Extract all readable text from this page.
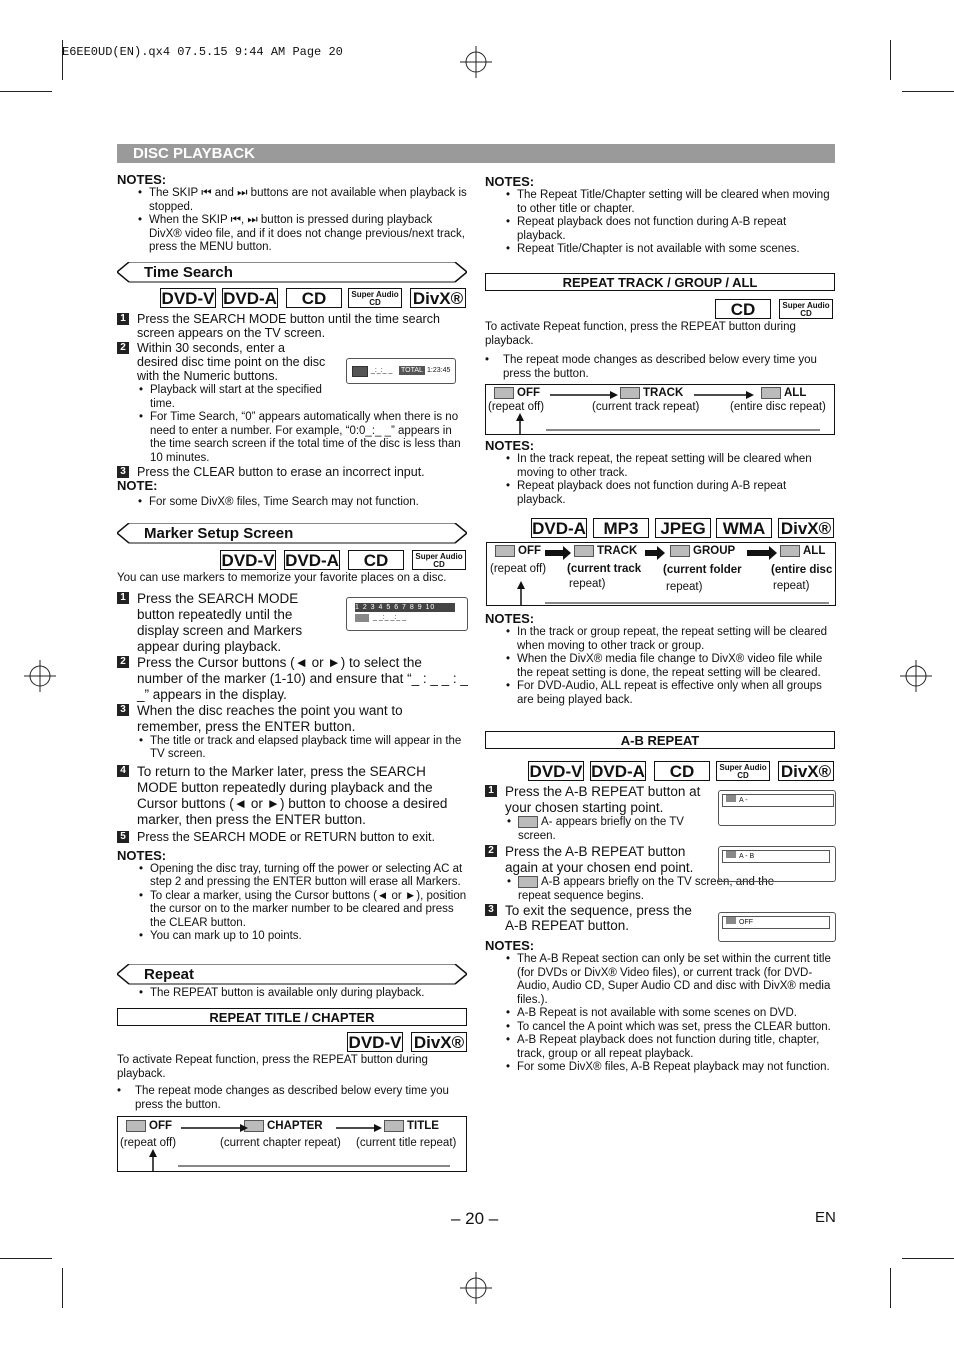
E6EE0UD(EN).qx4 07.5.15 9:44 AM Page 20
DISC PLAYBACK

NOTES:

• The SKIP ⏮ and ⏭ buttons are not available when playback is stopped.

• When the SKIP ⏮, ⏭ button is pressed during playback DivX® video file, and if it does not change previous/next track, press the MENU button.

Time Search
DVD-V DVD-A	CD	Super Audio CD	DivX®

1 Press the SEARCH MODE button until the time search screen appears on the TV screen.

2 Within 30 seconds, enter a desired disc time point on the disc with the Numeric buttons.

• Playback will start at the specified time.

• For Time Search, “0” appears automatically when there is no need to enter a number. For example, “0:0_:_ _” appears in the time search screen if the total time of the disc is less than 10 minutes.

3 Press the CLEAR button to erase an incorrect input.

NOTE:

• For some DivX® files, Time Search may not function.

_:_:_ _ TOTAL 1:23:45
Marker Setup Screen
DVD-V DVD-A	CD	Super Audio CD

You can use markers to memorize your favorite places on a disc.

1 Press the SEARCH MODE button repeatedly until the display screen and Markers appear during playback.

2 Press the Cursor buttons (◄ or ►) to select the number of the marker (1-10) and ensure that “_ : _ _ : _ _” appears in the display.

3 When the disc reaches the point you want to remember, press the ENTER button.

• The title or track and elapsed playback time will appear in the TV screen.

4 To return to the Marker later, press the SEARCH MODE button repeatedly during playback and the Cursor buttons (◄ or ►) button to choose a desired marker, then press the ENTER button.

5 Press the SEARCH MODE or RETURN button to exit.

NOTES:

• Opening the disc tray, turning off the power or selecting AC at step 2 and pressing the ENTER button will erase all Markers.

• To clear a marker, using the Cursor buttons (◄ or ►), position the cursor on to the marker number to be cleared and press the CLEAR button.

• You can mark up to 10 points.

1 2 3 4 5 6 7 8 9 10
_ _:_ _:_ _
Repeat

• The REPEAT button is available only during playback.

REPEAT TITLE / CHAPTER
DVD-V DivX®

To activate Repeat function, press the REPEAT button during playback.

• The repeat mode changes as described below every time you press the button.

OFF	CHAPTER	TITLE
(repeat off)	(current chapter repeat) (current title repeat)

NOTES:

• The Repeat Title/Chapter setting will be cleared when moving to other title or chapter.

• Repeat playback does not function during A-B repeat playback.

• Repeat Title/Chapter is not available with some scenes.

REPEAT TRACK / GROUP / ALL
CD	Super Audio CD

To activate Repeat function, press the REPEAT button during playback.

• The repeat mode changes as described below every time you press the button.

OFF	TRACK	ALL
(repeat off)	(current track repeat)	(entire disc repeat)

NOTES:

• In the track repeat, the repeat setting will be cleared when moving to other track.

• Repeat playback does not function during A-B repeat playback.

DVD-A	MP3	JPEG	WMA DivX®
OFF	TRACK	GROUP	ALL
(repeat off) (current track
repeat)
(current folder
repeat)
(entire disc
repeat)

NOTES:

• In the track or group repeat, the repeat setting will be cleared when moving to other track or group.

• When the DivX® media file change to DivX® video file while the repeat setting is done, the repeat setting will be cleared.

• For DVD-Audio, ALL repeat is effective only when all groups are being played back.

A-B REPEAT
DVD-V DVD-A	CD	Super Audio CD	DivX®

1 Press the A-B REPEAT button at your chosen starting point.

• A- appears briefly on the TV screen.

2 Press the A-B REPEAT button again at your chosen end point.

• A-B appears briefly on the TV screen, and the repeat sequence begins.

3 To exit the sequence, press the A-B REPEAT button.

NOTES:

• The A-B Repeat section can only be set within the current title (for DVDs or DivX® Video files), or current track (for DVD-Audio, Audio CD, Super Audio CD and disc with DivX® media files.).

• A-B Repeat is not available with some scenes on DVD.

• To cancel the A point which was set, press the CLEAR button.

• A-B Repeat playback does not function during title, chapter, track, group or all repeat playback.

• For some DivX® files, A-B Repeat playback may not function.

A -
A - B
OFF
– 20 –	EN
